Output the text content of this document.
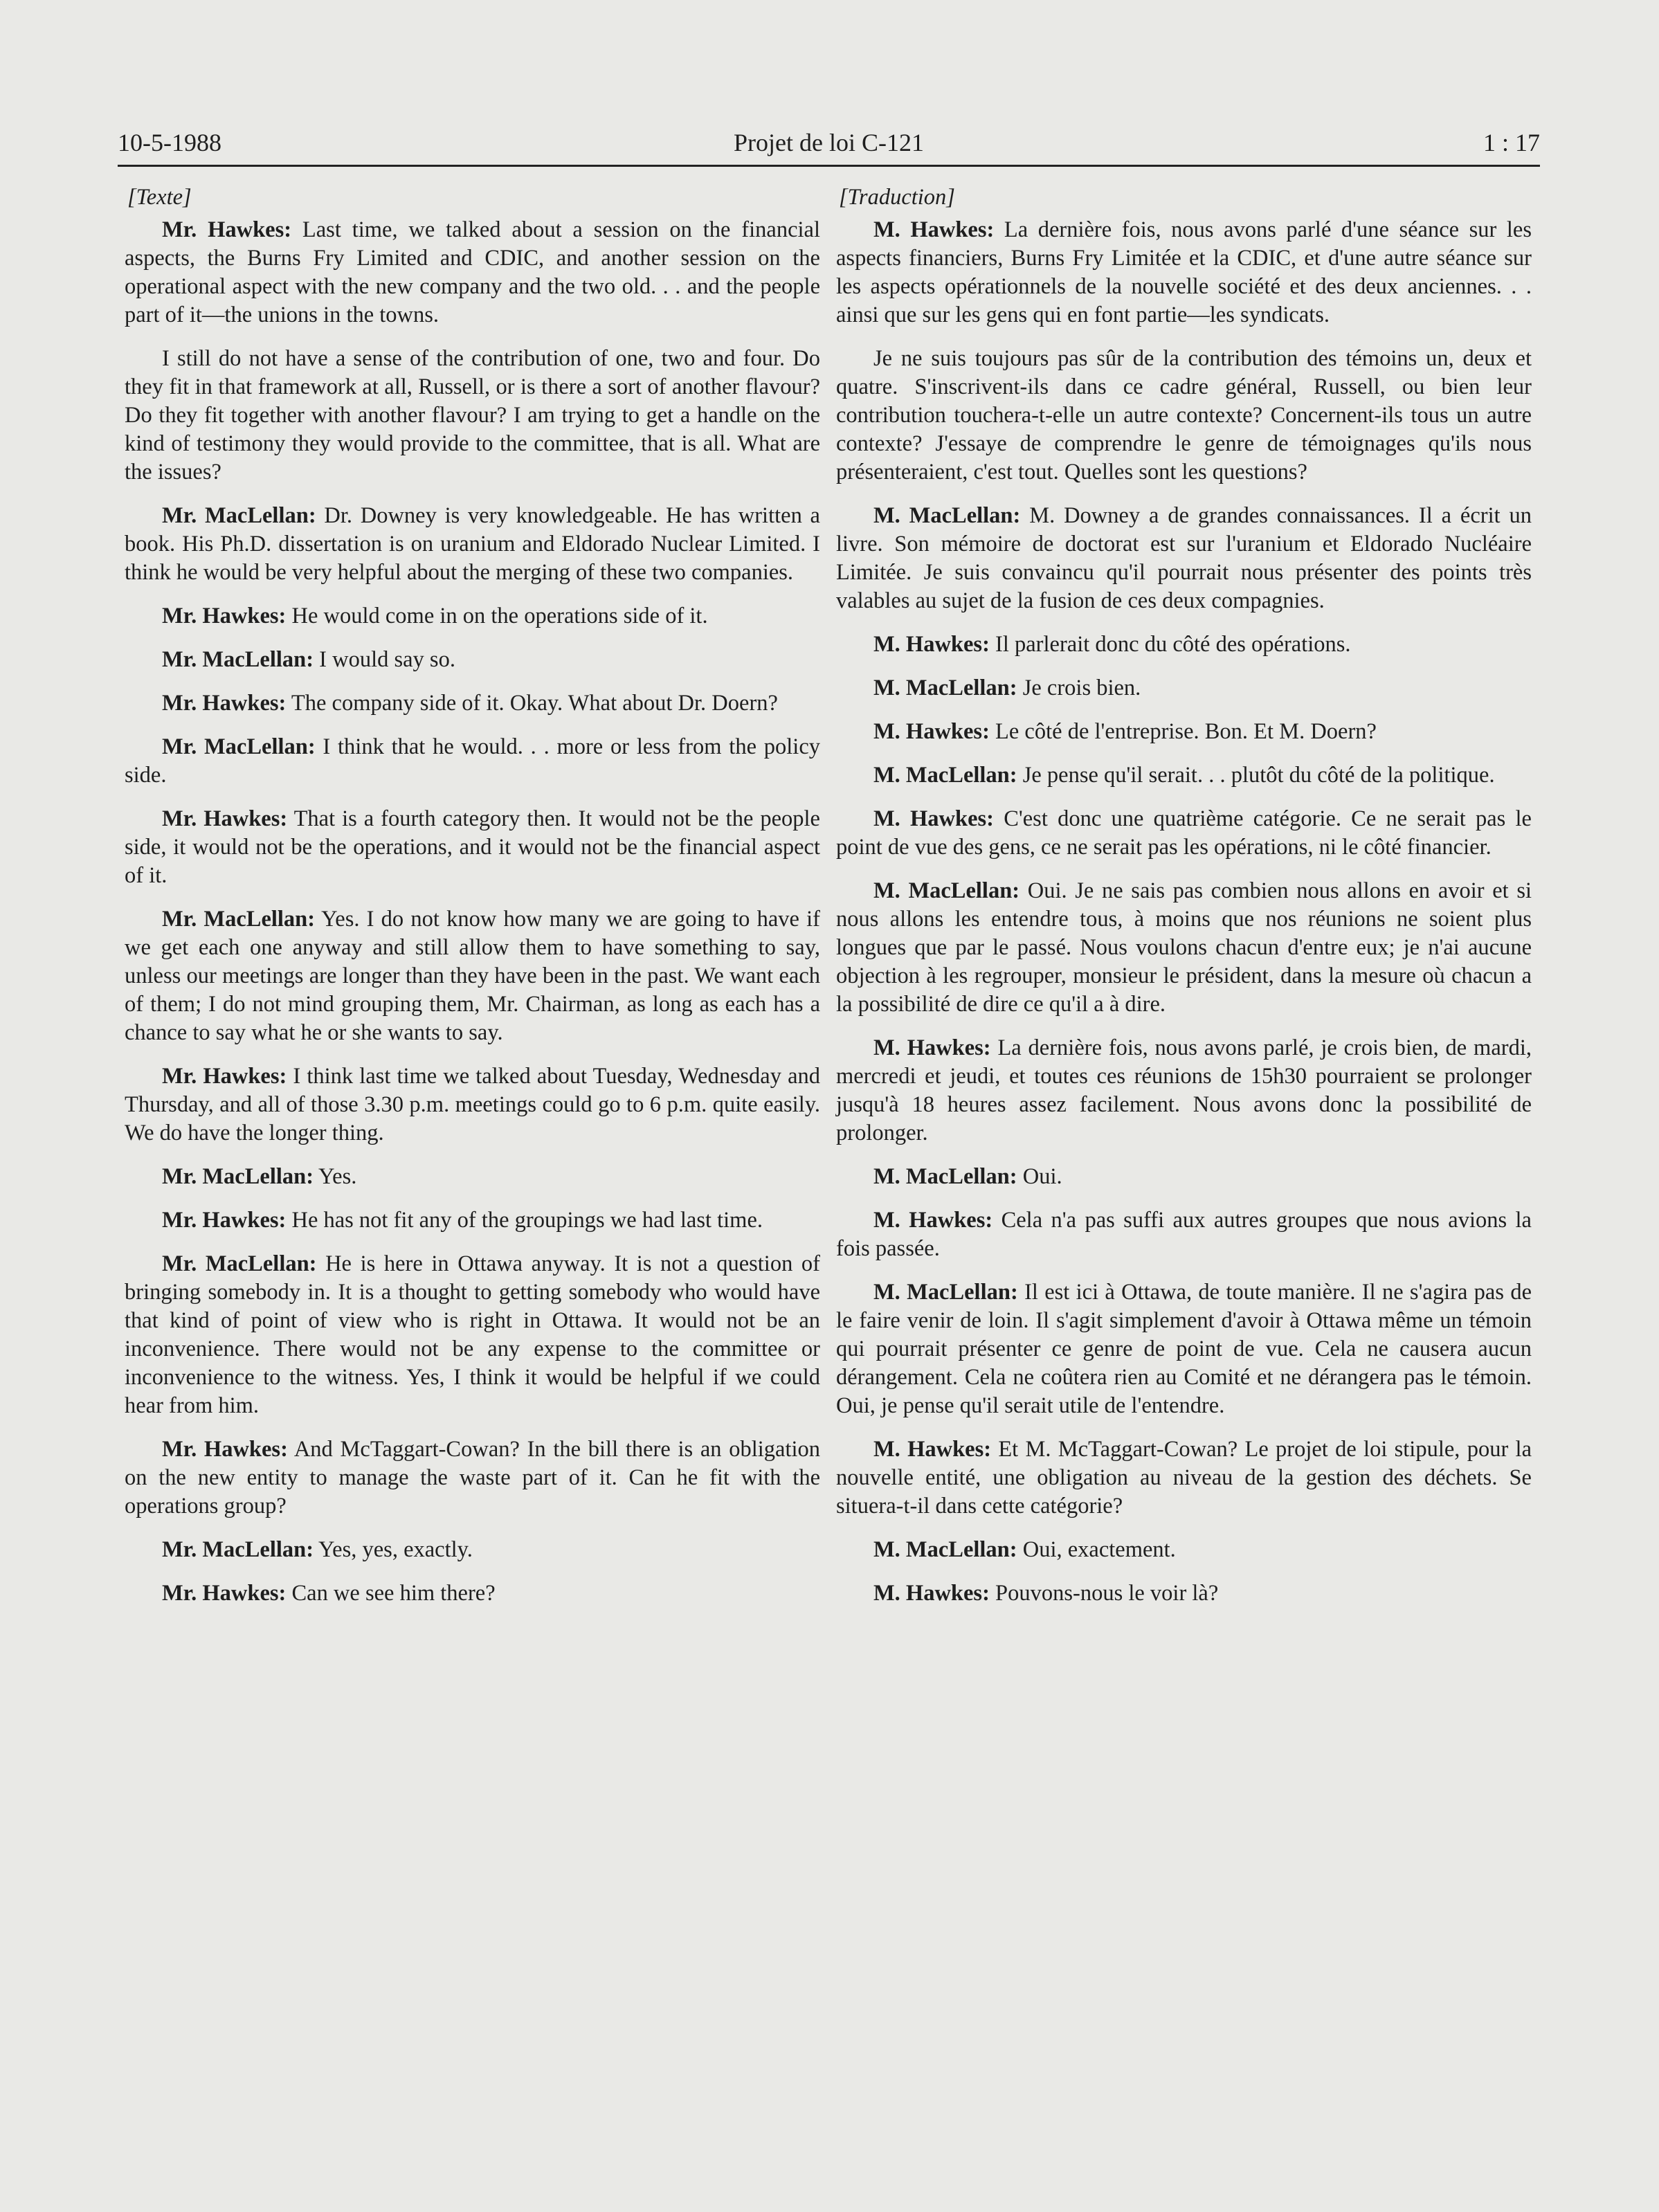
10-5-1988	Projet de loi C-121	1 : 17
[Texte]

Mr. Hawkes: Last time, we talked about a session on the financial aspects, the Burns Fry Limited and CDIC, and another session on the operational aspect with the new company and the two old. . . and the people part of it—the unions in the towns.

I still do not have a sense of the contribution of one, two and four. Do they fit in that framework at all, Russell, or is there a sort of another flavour? Do they fit together with another flavour? I am trying to get a handle on the kind of testimony they would provide to the committee, that is all. What are the issues?

Mr. MacLellan: Dr. Downey is very knowledgeable. He has written a book. His Ph.D. dissertation is on uranium and Eldorado Nuclear Limited. I think he would be very helpful about the merging of these two companies.

Mr. Hawkes: He would come in on the operations side of it.

Mr. MacLellan: I would say so.

Mr. Hawkes: The company side of it. Okay. What about Dr. Doern?

Mr. MacLellan: I think that he would. . . more or less from the policy side.

Mr. Hawkes: That is a fourth category then. It would not be the people side, it would not be the operations, and it would not be the financial aspect of it.

Mr. MacLellan: Yes. I do not know how many we are going to have if we get each one anyway and still allow them to have something to say, unless our meetings are longer than they have been in the past. We want each of them; I do not mind grouping them, Mr. Chairman, as long as each has a chance to say what he or she wants to say.

Mr. Hawkes: I think last time we talked about Tuesday, Wednesday and Thursday, and all of those 3.30 p.m. meetings could go to 6 p.m. quite easily. We do have the longer thing.

Mr. MacLellan: Yes.

Mr. Hawkes: He has not fit any of the groupings we had last time.

Mr. MacLellan: He is here in Ottawa anyway. It is not a question of bringing somebody in. It is a thought to getting somebody who would have that kind of point of view who is right in Ottawa. It would not be an inconvenience. There would not be any expense to the committee or inconvenience to the witness. Yes, I think it would be helpful if we could hear from him.

Mr. Hawkes: And McTaggart-Cowan? In the bill there is an obligation on the new entity to manage the waste part of it. Can he fit with the operations group?

Mr. MacLellan: Yes, yes, exactly.

Mr. Hawkes: Can we see him there?

[Traduction]

M. Hawkes: La dernière fois, nous avons parlé d'une séance sur les aspects financiers, Burns Fry Limitée et la CDIC, et d'une autre séance sur les aspects opérationnels de la nouvelle société et des deux anciennes. . . ainsi que sur les gens qui en font partie—les syndicats.

Je ne suis toujours pas sûr de la contribution des témoins un, deux et quatre. S'inscrivent-ils dans ce cadre général, Russell, ou bien leur contribution touchera-t-elle un autre contexte? Concernent-ils tous un autre contexte? J'essaye de comprendre le genre de témoignages qu'ils nous présenteraient, c'est tout. Quelles sont les questions?

M. MacLellan: M. Downey a de grandes connaissances. Il a écrit un livre. Son mémoire de doctorat est sur l'uranium et Eldorado Nucléaire Limitée. Je suis convaincu qu'il pourrait nous présenter des points très valables au sujet de la fusion de ces deux compagnies.

M. Hawkes: Il parlerait donc du côté des opérations.

M. MacLellan: Je crois bien.

M. Hawkes: Le côté de l'entreprise. Bon. Et M. Doern?

M. MacLellan: Je pense qu'il serait. . . plutôt du côté de la politique.

M. Hawkes: C'est donc une quatrième catégorie. Ce ne serait pas le point de vue des gens, ce ne serait pas les opérations, ni le côté financier.

M. MacLellan: Oui. Je ne sais pas combien nous allons en avoir et si nous allons les entendre tous, à moins que nos réunions ne soient plus longues que par le passé. Nous voulons chacun d'entre eux; je n'ai aucune objection à les regrouper, monsieur le président, dans la mesure où chacun a la possibilité de dire ce qu'il a à dire.

M. Hawkes: La dernière fois, nous avons parlé, je crois bien, de mardi, mercredi et jeudi, et toutes ces réunions de 15h30 pourraient se prolonger jusqu'à 18 heures assez facilement. Nous avons donc la possibilité de prolonger.

M. MacLellan: Oui.

M. Hawkes: Cela n'a pas suffi aux autres groupes que nous avions la fois passée.

M. MacLellan: Il est ici à Ottawa, de toute manière. Il ne s'agira pas de le faire venir de loin. Il s'agit simplement d'avoir à Ottawa même un témoin qui pourrait présenter ce genre de point de vue. Cela ne causera aucun dérangement. Cela ne coûtera rien au Comité et ne dérangera pas le témoin. Oui, je pense qu'il serait utile de l'entendre.

M. Hawkes: Et M. McTaggart-Cowan? Le projet de loi stipule, pour la nouvelle entité, une obligation au niveau de la gestion des déchets. Se situera-t-il dans cette catégorie?

M. MacLellan: Oui, exactement.

M. Hawkes: Pouvons-nous le voir là?
